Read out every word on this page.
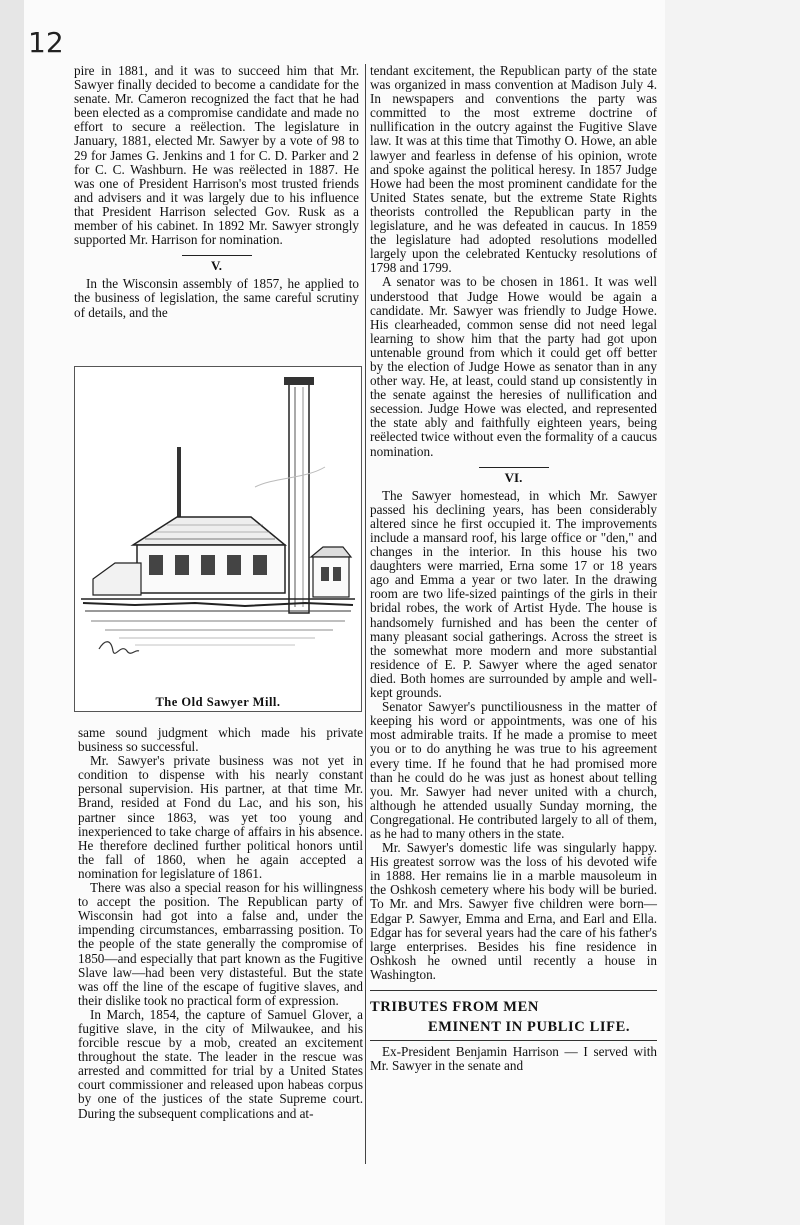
12

pire in 1881, and it was to succeed him that Mr. Sawyer finally decided to become a candidate for the senate. Mr. Cameron recognized the fact that he had been elected as a compromise candidate and made no effort to secure a reëlection. The legislature in January, 1881, elected Mr. Sawyer by a vote of 98 to 29 for James G. Jenkins and 1 for C. D. Parker and 2 for C. C. Washburn. He was reëlected in 1887. He was one of President Harrison's most trusted friends and advisers and it was largely due to his influence that President Harrison selected Gov. Rusk as a member of his cabinet. In 1892 Mr. Sawyer strongly supported Mr. Harrison for nomination.

V.

In the Wisconsin assembly of 1857, he applied to the business of legislation, the same careful scrutiny of details, and the

The Old Sawyer Mill.

same sound judgment which made his private business so successful.

Mr. Sawyer's private business was not yet in condition to dispense with his nearly constant personal supervision. His partner, at that time Mr. Brand, resided at Fond du Lac, and his son, his partner since 1863, was yet too young and inexperienced to take charge of affairs in his absence. He therefore declined further political honors until the fall of 1860, when he again accepted a nomination for legislature of 1861.

There was also a special reason for his willingness to accept the position. The Republican party of Wisconsin had got into a false and, under the impending circumstances, embarrassing position. To the people of the state generally the compromise of 1850—and especially that part known as the Fugitive Slave law—had been very distasteful. But the state was off the line of the escape of fugitive slaves, and their dislike took no practical form of expression.

In March, 1854, the capture of Samuel Glover, a fugitive slave, in the city of Milwaukee, and his forcible rescue by a mob, created an excitement throughout the state. The leader in the rescue was arrested and committed for trial by a United States court commissioner and released upon habeas corpus by one of the justices of the state Supreme court. During the subsequent complications and at-

tendant excitement, the Republican party of the state was organized in mass convention at Madison July 4. In newspapers and conventions the party was committed to the most extreme doctrine of nullification in the outcry against the Fugitive Slave law. It was at this time that Timothy O. Howe, an able lawyer and fearless in defense of his opinion, wrote and spoke against the political heresy. In 1857 Judge Howe had been the most prominent candidate for the United States senate, but the extreme State Rights theorists controlled the Republican party in the legislature, and he was defeated in caucus. In 1859 the legislature had adopted resolutions modelled largely upon the celebrated Kentucky resolutions of 1798 and 1799.

A senator was to be chosen in 1861. It was well understood that Judge Howe would be again a candidate. Mr. Sawyer was friendly to Judge Howe. His clearheaded, common sense did not need legal learning to show him that the party had got upon untenable ground from which it could get off better by the election of Judge Howe as senator than in any other way. He, at least, could stand up consistently in the senate against the heresies of nullification and secession. Judge Howe was elected, and represented the state ably and faithfully eighteen years, being reëlected twice without even the formality of a caucus nomination.

VI.

The Sawyer homestead, in which Mr. Sawyer passed his declining years, has been considerably altered since he first occupied it. The improvements include a mansard roof, his large office or "den," and changes in the interior. In this house his two daughters were married, Erna some 17 or 18 years ago and Emma a year or two later. In the drawing room are two life-sized paintings of the girls in their bridal robes, the work of Artist Hyde. The house is handsomely furnished and has been the center of many pleasant social gatherings. Across the street is the somewhat more modern and more substantial residence of E. P. Sawyer where the aged senator died. Both homes are surrounded by ample and well-kept grounds.

Senator Sawyer's punctiliousness in the matter of keeping his word or appointments, was one of his most admirable traits. If he made a promise to meet you or to do anything he was true to his agreement every time. If he found that he had promised more than he could do he was just as honest about telling you. Mr. Sawyer had never united with a church, although he attended usually Sunday morning, the Congregational. He contributed largely to all of them, as he had to many others in the state.

Mr. Sawyer's domestic life was singularly happy. His greatest sorrow was the loss of his devoted wife in 1888. Her remains lie in a marble mausoleum in the Oshkosh cemetery where his body will be buried. To Mr. and Mrs. Sawyer five children were born—Edgar P. Sawyer, Emma and Erna, and Earl and Ella. Edgar has for several years had the care of his father's large enterprises. Besides his fine residence in Oshkosh he owned until recently a house in Washington.

TRIBUTES FROM MEN
EMINENT IN PUBLIC LIFE.

Ex-President Benjamin Harrison — I served with Mr. Sawyer in the senate and
